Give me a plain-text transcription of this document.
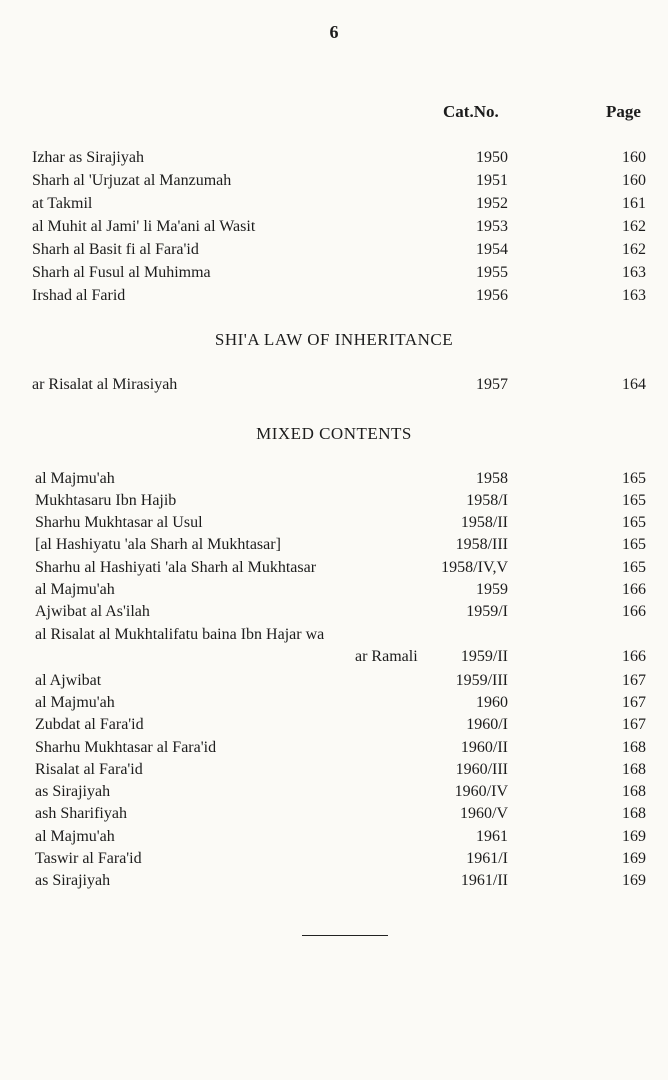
6
Cat.No.	Page
Izhar as Sirajiyah	1950	160
Sharh al 'Urjuzat al Manzumah	1951	160
at Takmil	1952	161
al Muhit al Jami' li Ma'ani al Wasit	1953	162
Sharh al Basit fi al Fara'id	1954	162
Sharh al Fusul al Muhimma	1955	163
Irshad al Farid	1956	163
SHI'A LAW OF INHERITANCE
ar Risalat al Mirasiyah	1957	164
MIXED CONTENTS
al Majmu'ah	1958	165
Mukhtasaru Ibn Hajib	1958/I	165
Sharhu Mukhtasar al Usul	1958/II	165
[al Hashiyatu 'ala Sharh al Mukhtasar]	1958/III	165
Sharhu al Hashiyati 'ala Sharh al Mukhtasar	1958/IV,V	165
al Majmu'ah	1959	166
Ajwibat al As'ilah	1959/I	166
al Risalat al Mukhtalifatu baina Ibn Hajar wa
ar Ramali	1959/II	166
al Ajwibat	1959/III	167
al Majmu'ah	1960	167
Zubdat al Fara'id	1960/I	167
Sharhu Mukhtasar al Fara'id	1960/II	168
Risalat al Fara'id	1960/III	168
as Sirajiyah	1960/IV	168
ash Sharifiyah	1960/V	168
al Majmu'ah	1961	169
Taswir al Fara'id	1961/I	169
as Sirajiyah	1961/II	169
